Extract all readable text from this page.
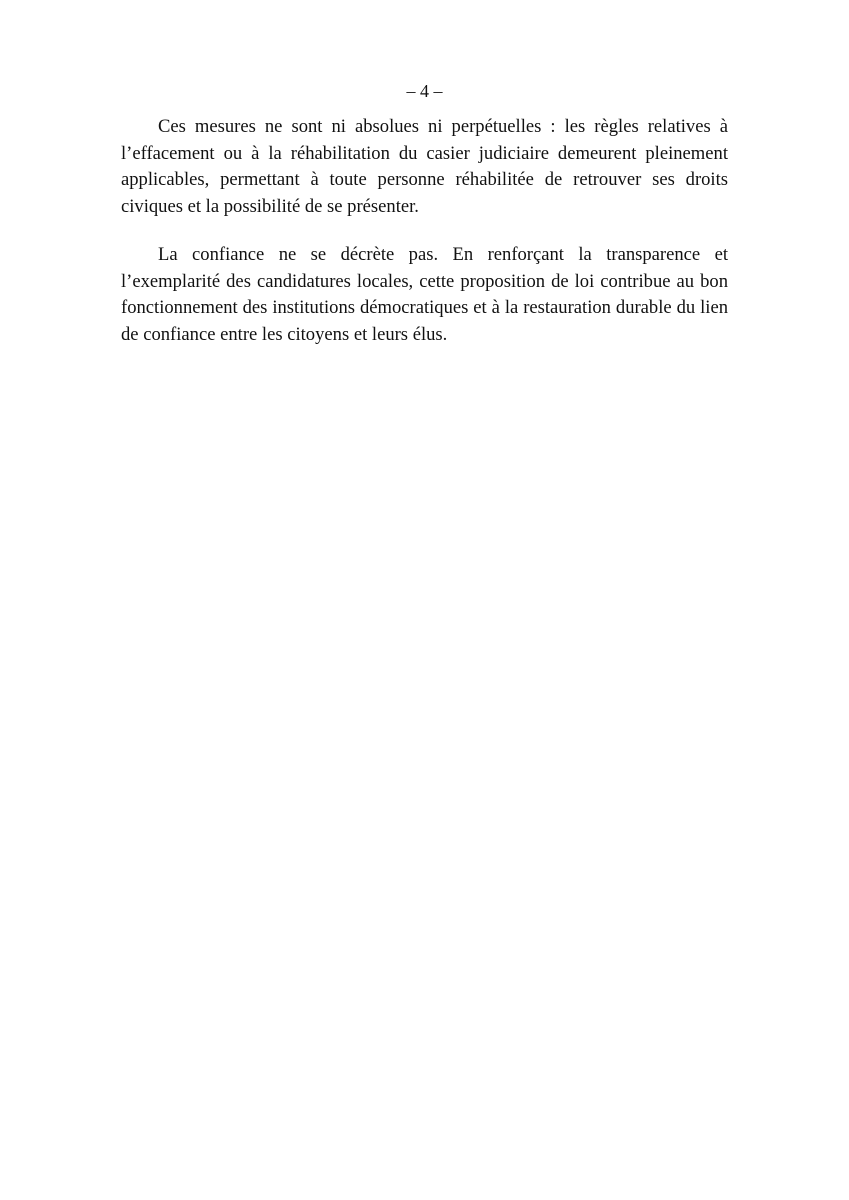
– 4 –

Ces mesures ne sont ni absolues ni perpétuelles : les règles relatives à l’effacement ou à la réhabilitation du casier judiciaire demeurent pleinement applicables, permettant à toute personne réhabilitée de retrouver ses droits civiques et la possibilité de se présenter.

La confiance ne se décrète pas. En renforçant la transparence et l’exemplarité des candidatures locales, cette proposition de loi contribue au bon fonctionnement des institutions démocratiques et à la restauration durable du lien de confiance entre les citoyens et leurs élus.
